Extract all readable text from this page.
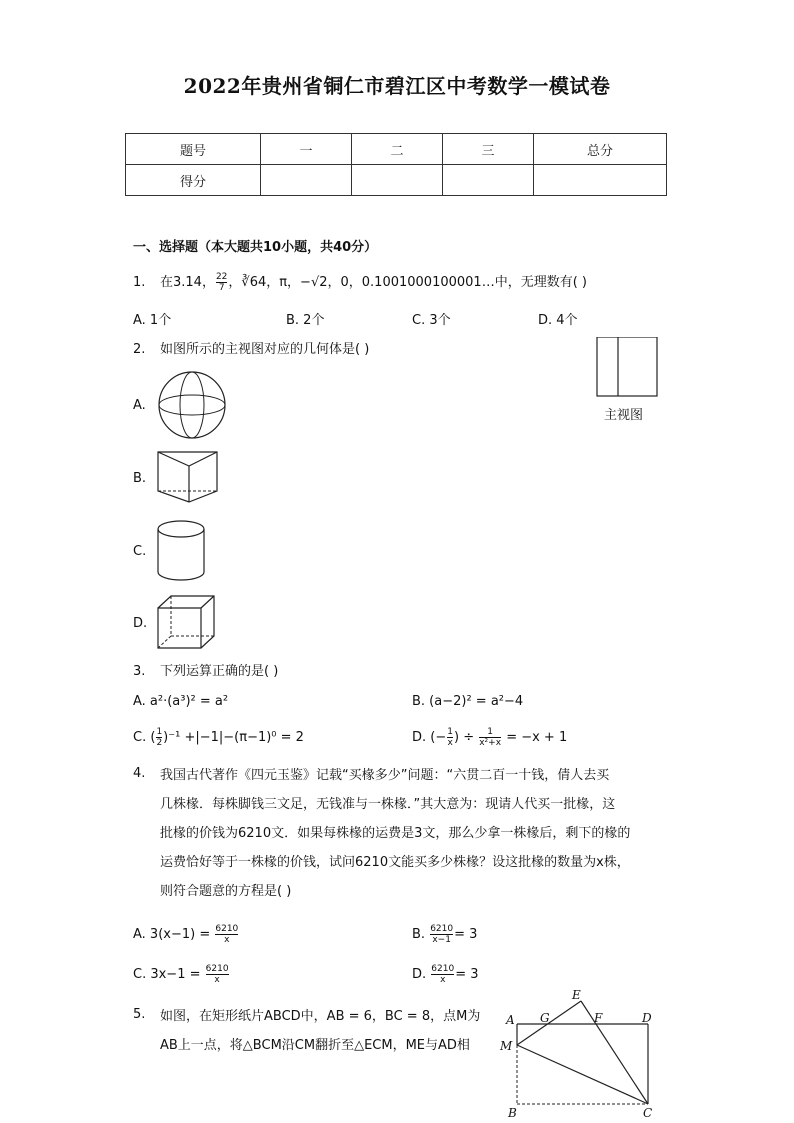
2022年贵州省铜仁市碧江区中考数学一模试卷
题号	一	二	三	总分
得分				
一、选择题（本大题共10小题，共40分）
1. 在3.14， $\frac{22}{7}$ ，∛64，π，−√2，0，0.1001000100001…中，无理数有( )
A. 1个	B. 2个	C. 3个	D. 4个
2. 如图所示的主视图对应的几何体是( )
主视图
A.
B.
C.
D.
3. 下列运算正确的是( )
A. a²·(a³)² = a²	B. (a−2)² = a²−4
C. ( $\frac{1}{2} )^{-1} +|-1|-(\pi-1)^0 = 2$	D. (− $\frac{1}{x}$ ) ÷ $\frac{1}{\text{x²+x}} = -x + 1$
4. 我国古代著作《四元玉鉴》记载“买椽多少”问题：“六贯二百一十钱，倩人去买
几株椽．每株脚钱三文足，无钱准与一株椽．”其大意为：现请人代买一批椽，这
批椽的价钱为6210文．如果每株椽的运费是3文，那么少拿一株椽后，剩下的椽的
运费恰好等于一株椽的价钱，试问6210文能买多少株椽？设这批椽的数量为x株，
则符合题意的方程是( )
A. $3(x-1) = \frac{6210}{x}$	B. $\frac{6210}{x-1} = 3$
C. $3x-1 = \frac{6210}{x}$	D. $\frac{6210}{x} = 3$
5. 如图，在矩形纸片ABCD中，AB = 6，BC = 8，点M为
AB上一点，将△BCM沿CM翻折至△ECM，ME与AD相
E
A G	F	D
M
B	C
